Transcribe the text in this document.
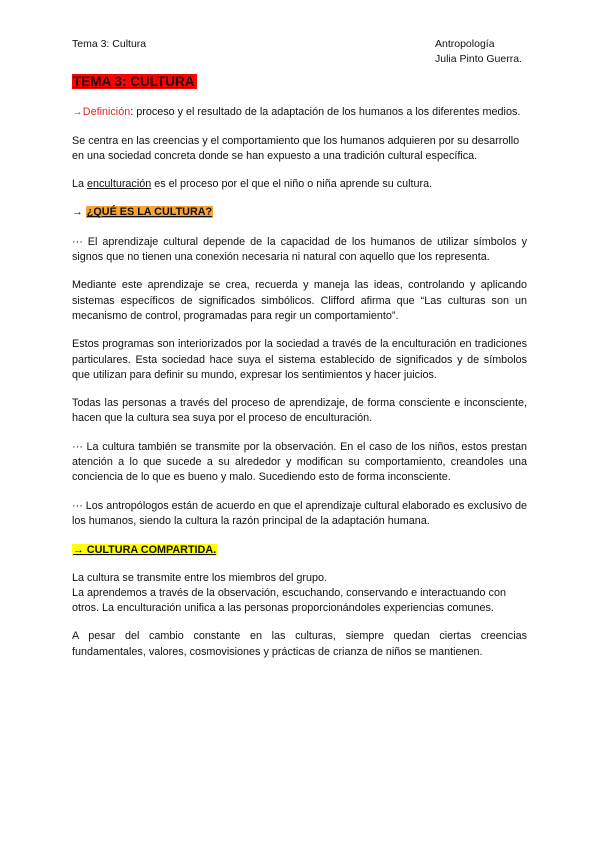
Tema 3: Cultura	Antropología
Julia Pinto Guerra.

TEMA 3: CULTURA

→Definición: proceso y el resultado de la adaptación de los humanos a los diferentes medios.

Se centra en las creencias y el comportamiento que los humanos adquieren por su desarrollo en una sociedad concreta donde se han expuesto a una tradición cultural específica.

La enculturación es el proceso por el que el niño o niña aprende su cultura.

→ ¿QUÉ ES LA CULTURA?

··· El aprendizaje cultural depende de la capacidad de los humanos de utilizar símbolos y signos que no tienen una conexión necesaria ni natural con aquello que los representa.

Mediante este aprendizaje se crea, recuerda y maneja las ideas, controlando y aplicando sistemas específicos de significados simbólicos. Clifford afirma que “Las culturas son un mecanismo de control, programadas para regir un comportamiento”.

Estos programas son interiorizados por la sociedad a través de la enculturación en tradiciones particulares. Esta sociedad hace suya el sistema establecido de significados y de símbolos que utilizan para definir su mundo, expresar los sentimientos y hacer juicios.

Todas las personas a través del proceso de aprendizaje, de forma consciente e inconsciente, hacen que la cultura sea suya por el proceso de enculturación.

··· La cultura también se transmite por la observación. En el caso de los niños, estos prestan atención a lo que sucede a su alrededor y modifican su comportamiento, creandoles una conciencia de lo que es bueno y malo. Sucediendo esto de forma inconsciente.

··· Los antropólogos están de acuerdo en que el aprendizaje cultural elaborado es exclusivo de los humanos, siendo la cultura la razón principal de la adaptación humana.

→ CULTURA COMPARTIDA.

La cultura se transmite entre los miembros del grupo.

La aprendemos a través de la observación, escuchando, conservando e interactuando con otros. La enculturación unifica a las personas proporcionándoles experiencias comunes.

A pesar del cambio constante en las culturas, siempre quedan ciertas creencias fundamentales, valores, cosmovisiones y prácticas de crianza de niños se mantienen.
